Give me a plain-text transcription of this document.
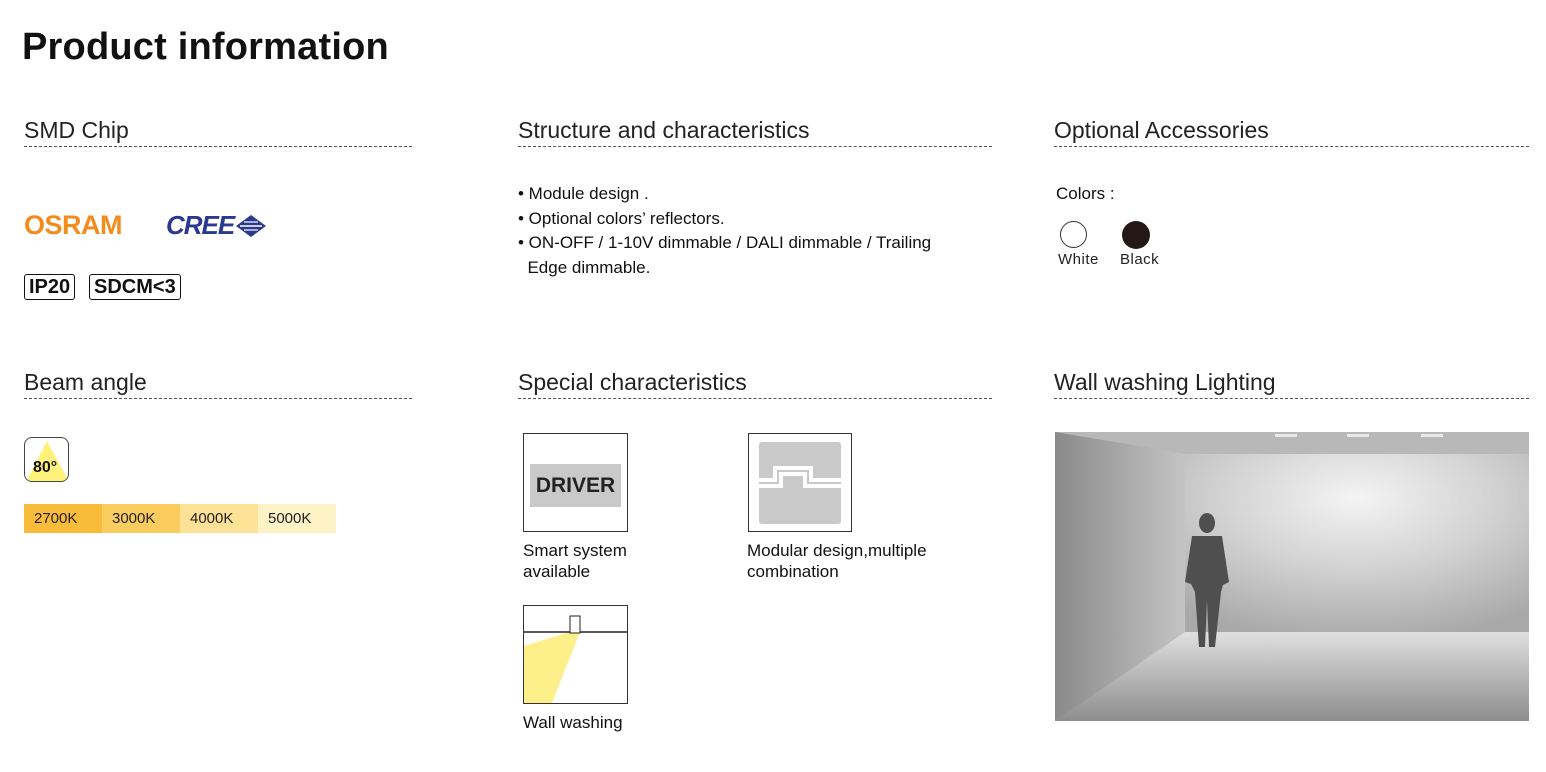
Product information
SMD Chip
OSRAM CREE
IP20 SDCM<3
Structure and characteristics
• Module design .
• Optional colors’ reflectors.
• ON-OFF / 1-10V dimmable / DALI dimmable / Trailing
Edge dimmable.
Optional Accessories
Colors :
White Black
Beam angle
80°
2700K	3000K	4000K	5000K
Special characteristics
DRIVER
Smart system
available
Modular design,multiple
combination
Wall washing
Wall washing Lighting
